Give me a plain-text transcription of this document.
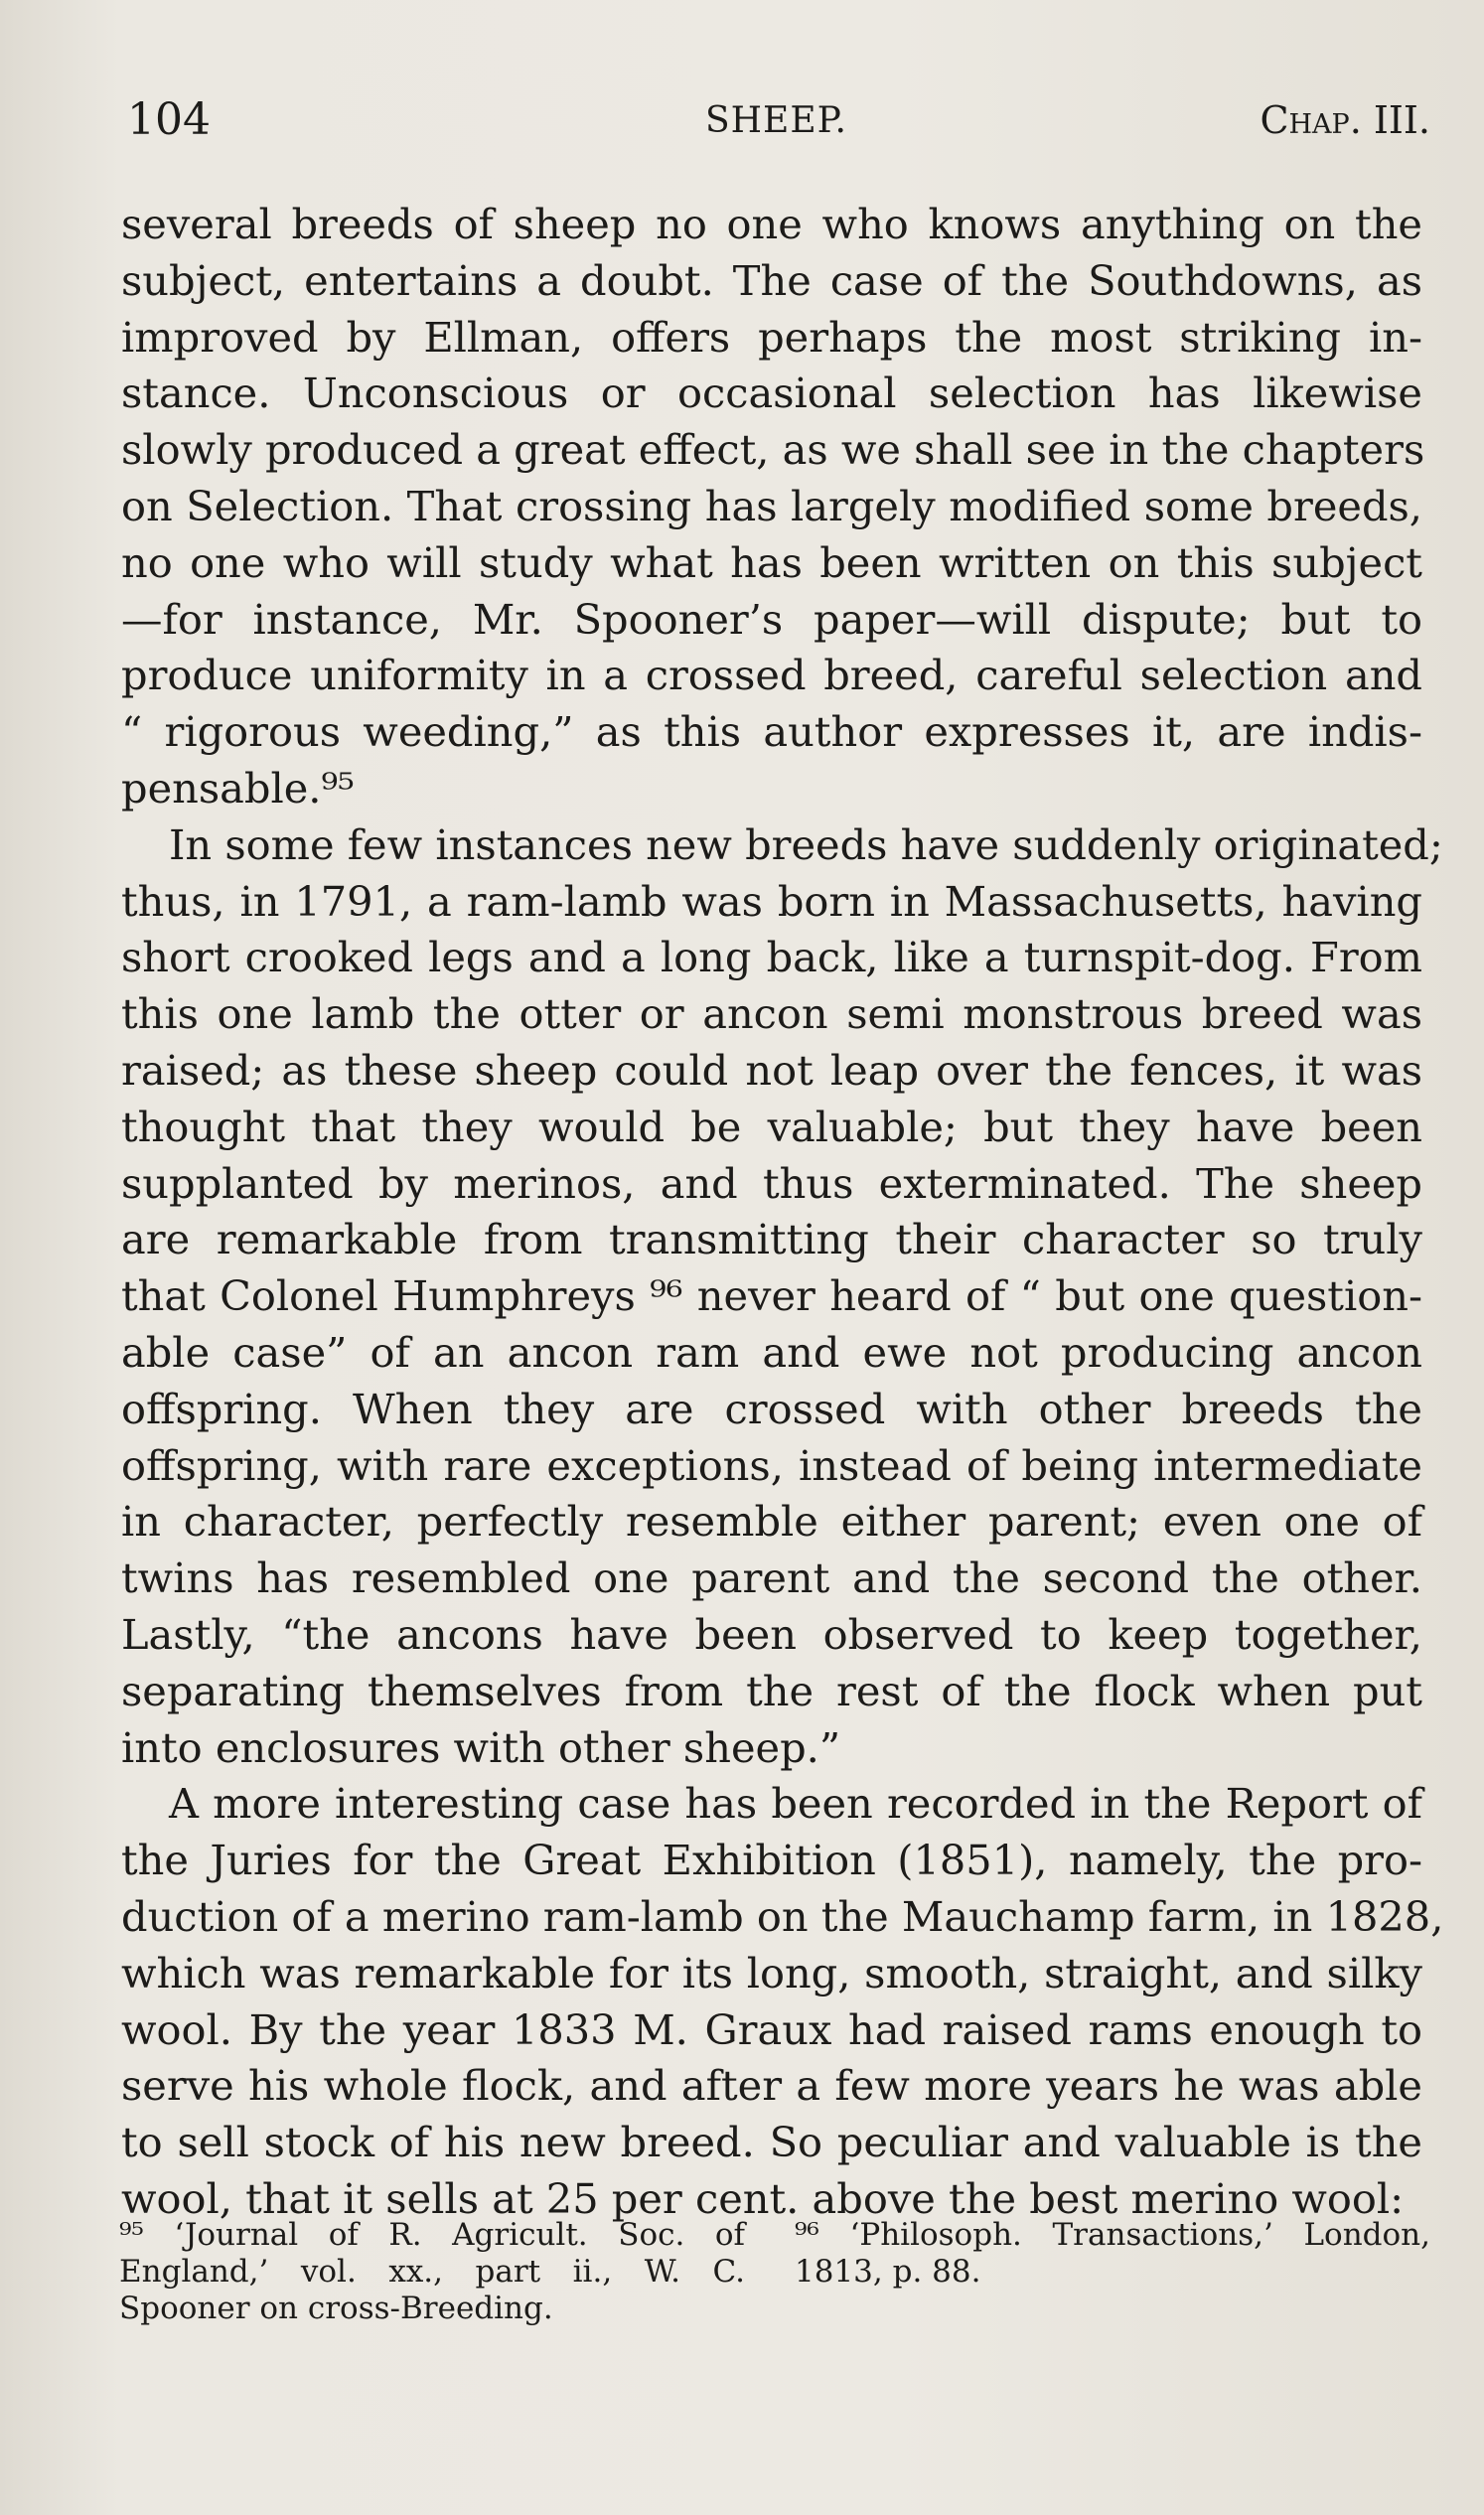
104	SHEEP.	Chap. III.

several breeds of sheep no one who knows anything on the
subject, entertains a doubt. The case of the Southdowns, as
improved by Ellman, offers perhaps the most striking in-
stance. Unconscious or occasional selection has likewise
slowly produced a great effect, as we shall see in the chapters
on Selection. That crossing has largely modified some breeds,
no one who will study what has been written on this subject
—for instance, Mr. Spooner’s paper—will dispute; but to
produce uniformity in a crossed breed, careful selection and
“ rigorous weeding,” as this author expresses it, are indis-
pensable.⁹⁵

In some few instances new breeds have suddenly originated;
thus, in 1791, a ram-lamb was born in Massachusetts, having
short crooked legs and a long back, like a turnspit-dog. From
this one lamb the otter or ancon semi monstrous breed was
raised; as these sheep could not leap over the fences, it was
thought that they would be valuable; but they have been
supplanted by merinos, and thus exterminated. The sheep
are remarkable from transmitting their character so truly
that Colonel Humphreys ⁹⁶ never heard of “ but one question-
able case” of an ancon ram and ewe not producing ancon
offspring. When they are crossed with other breeds the
offspring, with rare exceptions, instead of being intermediate
in character, perfectly resemble either parent; even one of
twins has resembled one parent and the second the other.
Lastly, “the ancons have been observed to keep together,
separating themselves from the rest of the flock when put
into enclosures with other sheep.”

A more interesting case has been recorded in the Report of
the Juries for the Great Exhibition (1851), namely, the pro-
duction of a merino ram-lamb on the Mauchamp farm, in 1828,
which was remarkable for its long, smooth, straight, and silky
wool. By the year 1833 M. Graux had raised rams enough to
serve his whole flock, and after a few more years he was able
to sell stock of his new breed. So peculiar and valuable is the
wool, that it sells at 25 per cent. above the best merino wool:

⁹⁵ ‘Journal of R. Agricult. Soc. of
England,’ vol. xx., part ii., W. C.
Spooner on cross-Breeding.
⁹⁶ ‘Philosoph. Transactions,’ London,
1813, p. 88.
